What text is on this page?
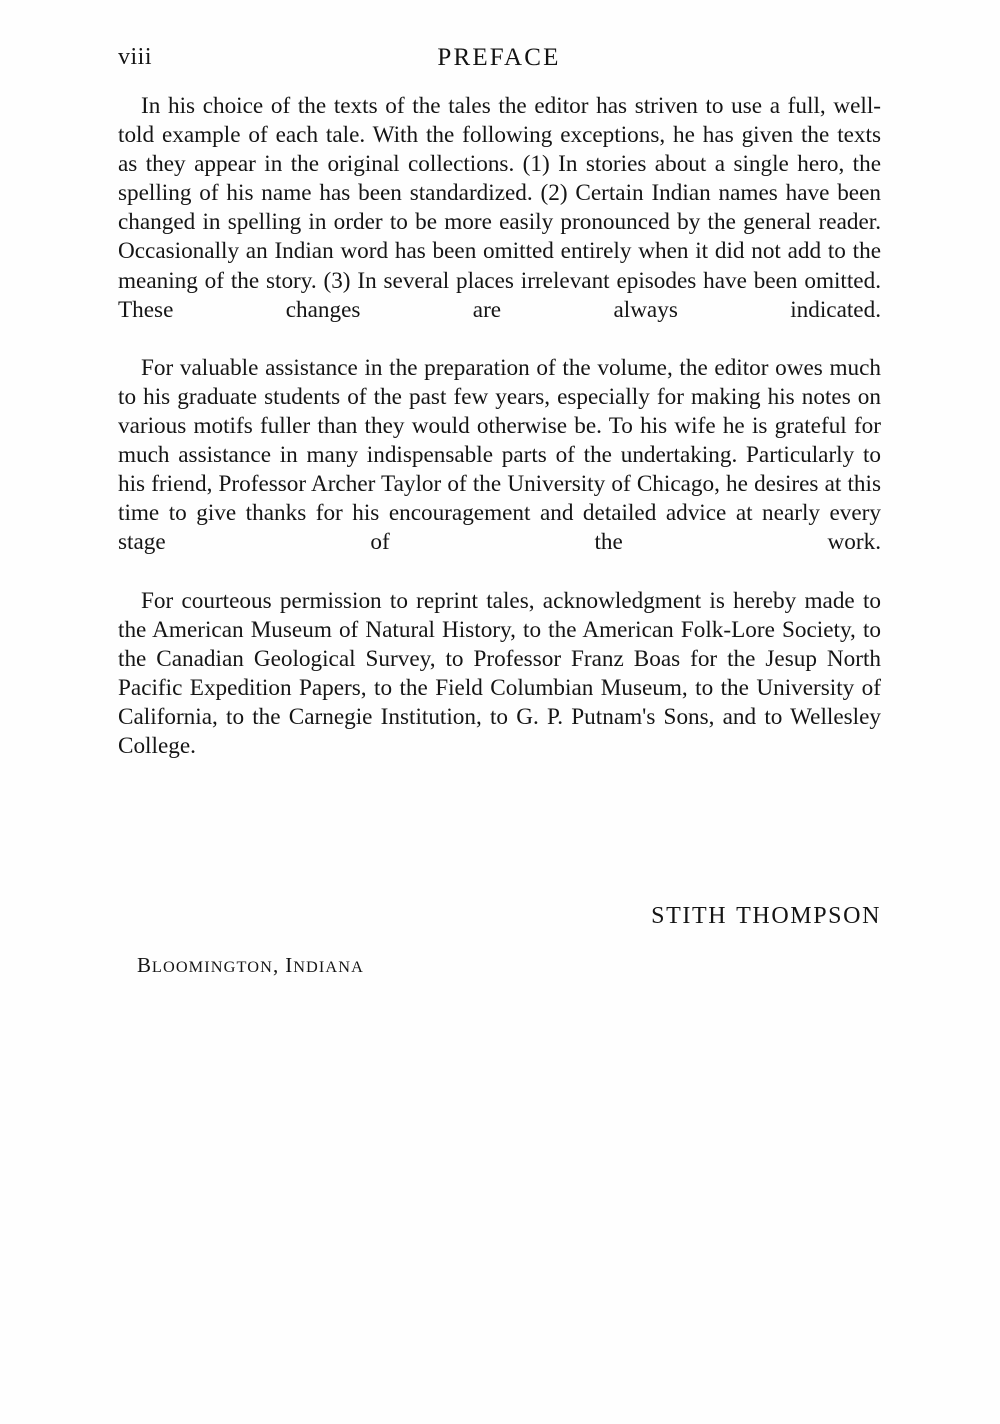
viii	PREFACE

In his choice of the texts of the tales the editor has striven to use a full, well-told example of each tale. With the following exceptions, he has given the texts as they appear in the original collections. (1) In stories about a single hero, the spelling of his name has been standardized. (2) Certain Indian names have been changed in spelling in order to be more easily pronounced by the general reader. Occasionally an Indian word has been omitted entirely when it did not add to the meaning of the story. (3) In several places irrelevant episodes have been omitted. These changes are always indicated.

For valuable assistance in the preparation of the volume, the editor owes much to his graduate students of the past few years, especially for making his notes on various motifs fuller than they would otherwise be. To his wife he is grateful for much assistance in many indispensable parts of the undertaking. Particularly to his friend, Professor Archer Taylor of the University of Chicago, he desires at this time to give thanks for his encouragement and detailed advice at nearly every stage of the work.

For courteous permission to reprint tales, acknowledgment is hereby made to the American Museum of Natural History, to the American Folk-Lore Society, to the Canadian Geological Survey, to Professor Franz Boas for the Jesup North Pacific Expedition Papers, to the Field Columbian Museum, to the University of California, to the Carnegie Institution, to G. P. Putnam's Sons, and to Wellesley College.

STITH THOMPSON
BLOOMINGTON, INDIANA
